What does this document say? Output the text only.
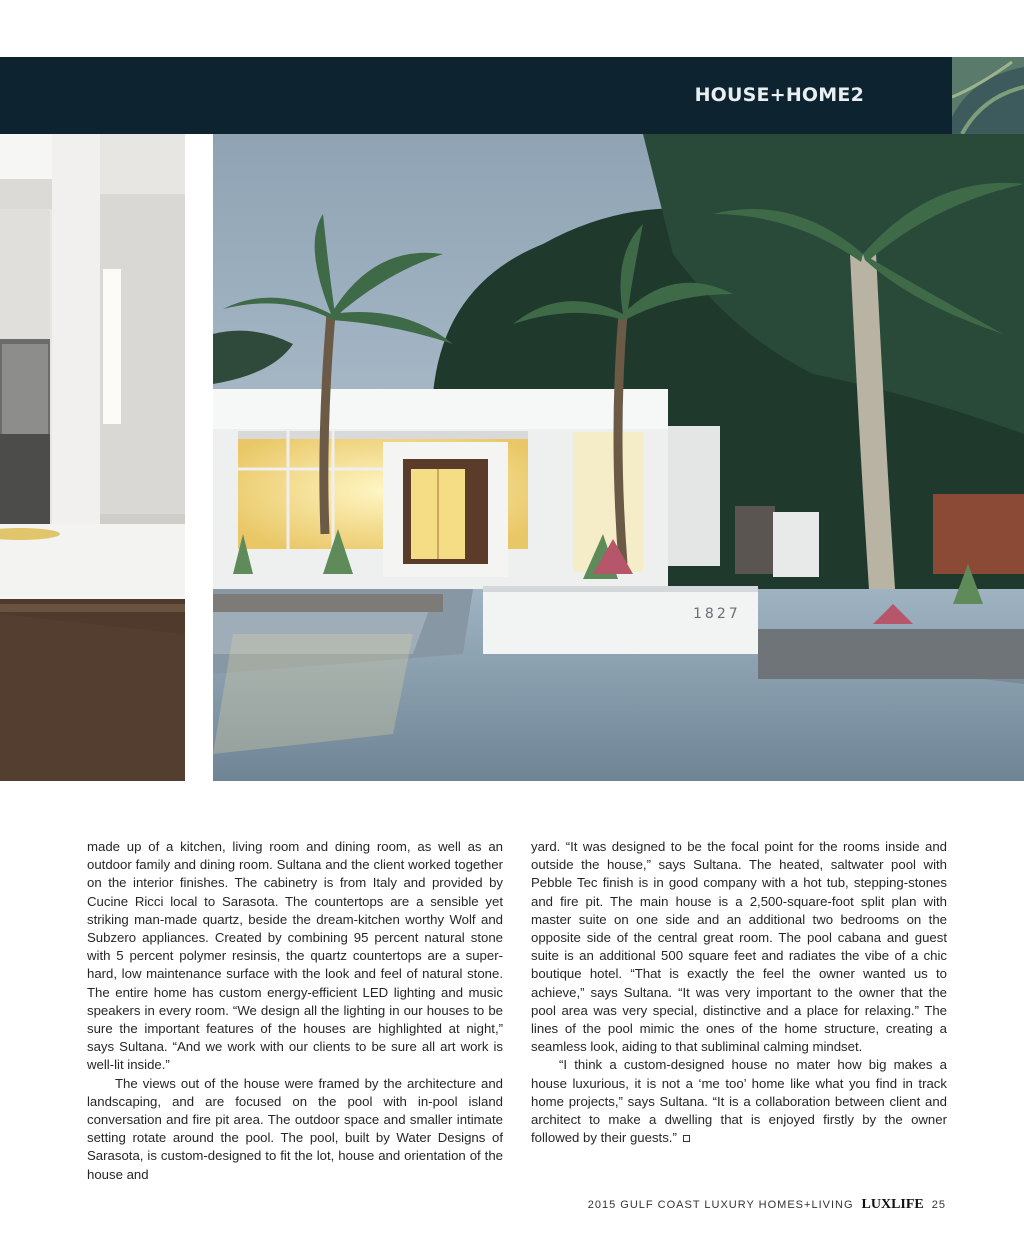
HOUSE+HOME2
1827

made up of a kitchen, living room and dining room, as well as an outdoor family and dining room. Sultana and the client worked together on the interior finishes. The cabinetry is from Italy and provided by Cucine Ricci local to Sarasota. The countertops are a sensible yet striking man-made quartz, beside the dream-kitchen worthy Wolf and Subzero appliances. Created by combining 95 percent natural stone with 5 percent polymer resinsis, the quartz countertops are a super-hard, low maintenance surface with the look and feel of natural stone. The entire home has custom energy-efficient LED lighting and music speakers in every room. “We design all the lighting in our houses to be sure the important features of the houses are highlighted at night,” says Sultana. “And we work with our clients to be sure all art work is well-lit inside.”

The views out of the house were framed by the architecture and landscaping, and are focused on the pool with in-pool island conversation and fire pit area. The outdoor space and smaller intimate setting rotate around the pool. The pool, built by Water Designs of Sarasota, is custom-designed to fit the lot, house and orientation of the house and

yard. “It was designed to be the focal point for the rooms inside and outside the house,” says Sultana. The heated, saltwater pool with Pebble Tec finish is in good company with a hot tub, stepping-stones and fire pit. The main house is a 2,500-square-foot split plan with master suite on one side and an additional two bedrooms on the opposite side of the central great room. The pool cabana and guest suite is an additional 500 square feet and radiates the vibe of a chic boutique hotel. “That is exactly the feel the owner wanted us to achieve,” says Sultana. “It was very important to the owner that the pool area was very special, distinctive and a place for relaxing.” The lines of the pool mimic the ones of the home structure, creating a seamless look, aiding to that subliminal calming mindset.

“I think a custom-designed house no mater how big makes a house luxurious, it is not a ‘me too’ home like what you find in track home projects,” says Sultana. “It is a collaboration between client and architect to make a dwelling that is enjoyed firstly by the owner followed by their guests.”

2015 GULF COAST LUXURY HOMES+LIVING LUXLIFE 25
